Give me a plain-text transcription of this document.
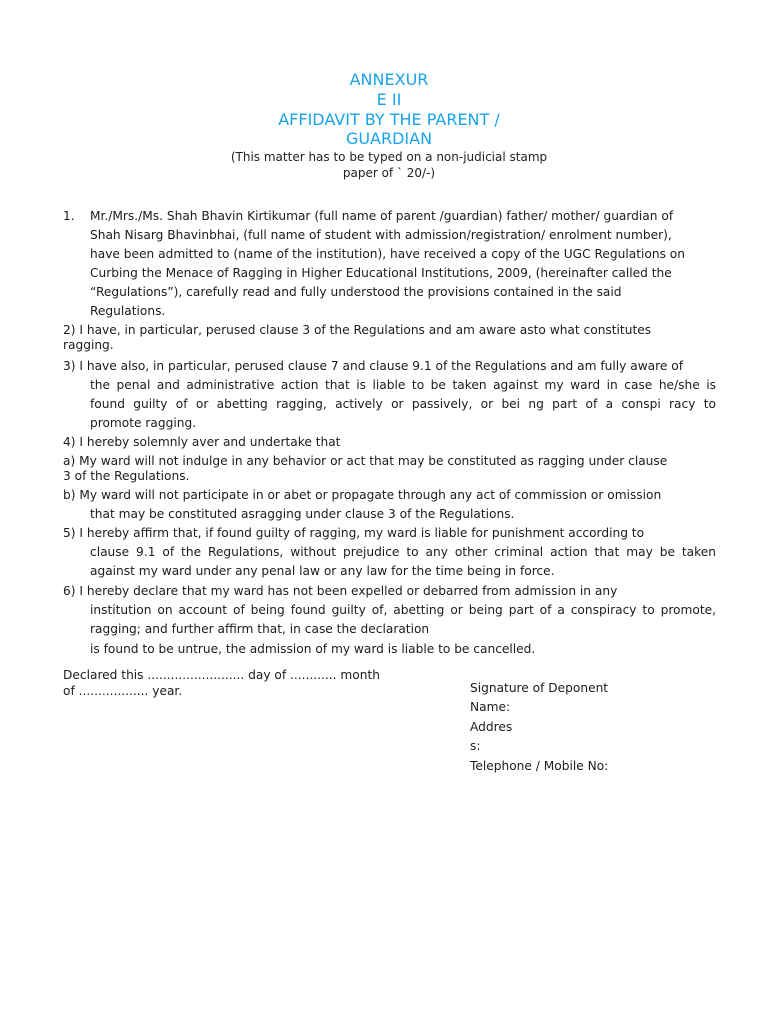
ANNEXUR
E II
AFFIDAVIT BY THE PARENT /
GUARDIAN
(This matter has to be typed on a non-judicial stamp
paper of ` 20/-)
1. Mr./Mrs./Ms. Shah Bhavin Kirtikumar (full name of parent /guardian) father/ mother/ guardian of
Shah Nisarg Bhavinbhai, (full name of student with admission/registration/ enrolment number),
have been admitted to (name of the institution), have received a copy of the UGC Regulations on
Curbing the Menace of Ragging in Higher Educational Institutions, 2009, (hereinafter called the
“Regulations”), carefully read and fully understood the provisions contained in the said
Regulations.
2) I have, in particular, perused clause 3 of the Regulations and am aware asto what constitutes
ragging.
3) I have also, in particular, perused clause 7 and clause 9.1 of the Regulations and am fully aware of
the penal and administrative action that is liable to be taken against my ward in case he/she is
found guilty of or abetting ragging, actively or passively, or bei ng part of a conspi racy to
promote ragging.
4) I hereby solemnly aver and undertake that
a) My ward will not indulge in any behavior or act that may be constituted as ragging under clause
3 of the Regulations.
b) My ward will not participate in or abet or propagate through any act of commission or omission
that may be constituted asragging under clause 3 of the Regulations.
5) I hereby affirm that, if found guilty of ragging, my ward is liable for punishment according to
clause 9.1 of the Regulations, without prejudice to any other criminal action that may be taken
against my ward under any penal law or any law for the time being in force.
6) I hereby declare that my ward has not been expelled or debarred from admission in any
institution on account of being found guilty of, abetting or being part of a conspiracy to promote,
ragging; and further affirm that, in case the declaration
is found to be untrue, the admission of my ward is liable to be cancelled.
Declared this ......................... day of ............ month
of .................. year.	Signature of Deponent
Name:
Addres
s:
Telephone / Mobile No:
